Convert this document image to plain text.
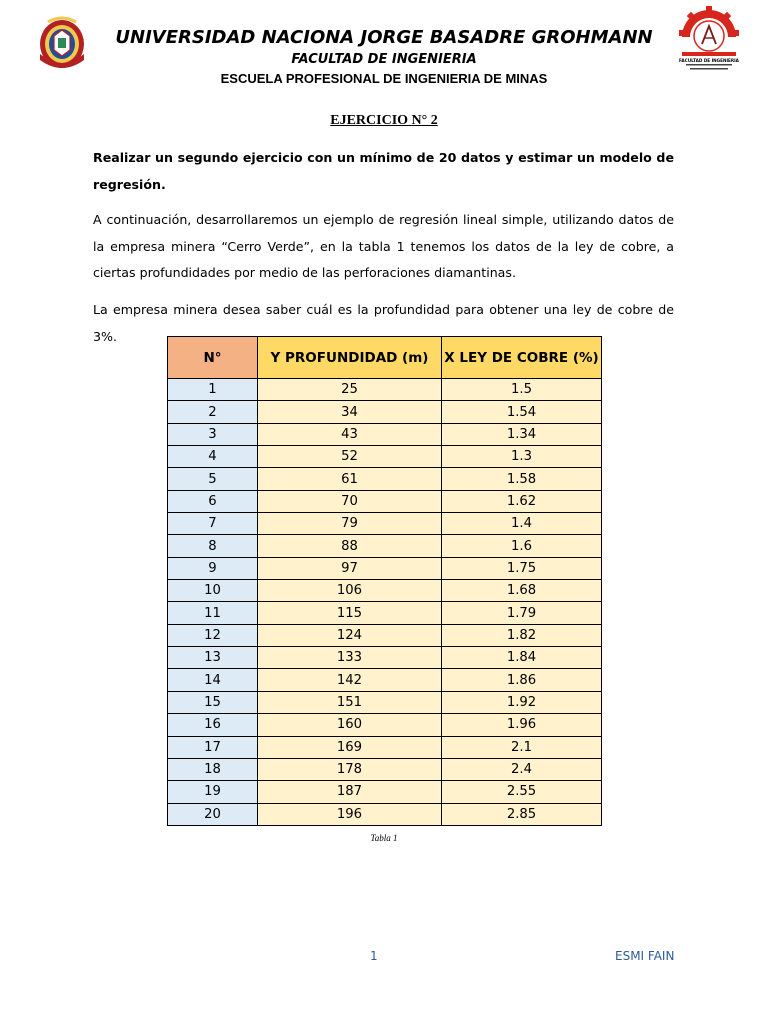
UNIVERSIDAD NACIONA JORGE BASADRE GROHMANN
FACULTAD DE INGENIERIA
ESCUELA PROFESIONAL DE INGENIERIA DE MINAS
FACULTAD DE INGENIERIA
EJERCICIO N° 2

Realizar un segundo ejercicio con un mínimo de 20 datos y estimar un modelo de regresión.

A continuación, desarrollaremos un ejemplo de regresión lineal simple, utilizando datos de la empresa minera “Cerro Verde”, en la tabla 1 tenemos los datos de la ley de cobre, a ciertas profundidades por medio de las perforaciones diamantinas.

La empresa minera desea saber cuál es la profundidad para obtener una ley de cobre de 3%.

N°	Y PROFUNDIDAD (m)	X LEY DE COBRE (%)
1	25	1.5
2	34	1.54
3	43	1.34
4	52	1.3
5	61	1.58
6	70	1.62
7	79	1.4
8	88	1.6
9	97	1.75
10	106	1.68
11	115	1.79
12	124	1.82
13	133	1.84
14	142	1.86
15	151	1.92
16	160	1.96
17	169	2.1
18	178	2.4
19	187	2.55
20	196	2.85
Tabla 1
1	ESMI FAIN
